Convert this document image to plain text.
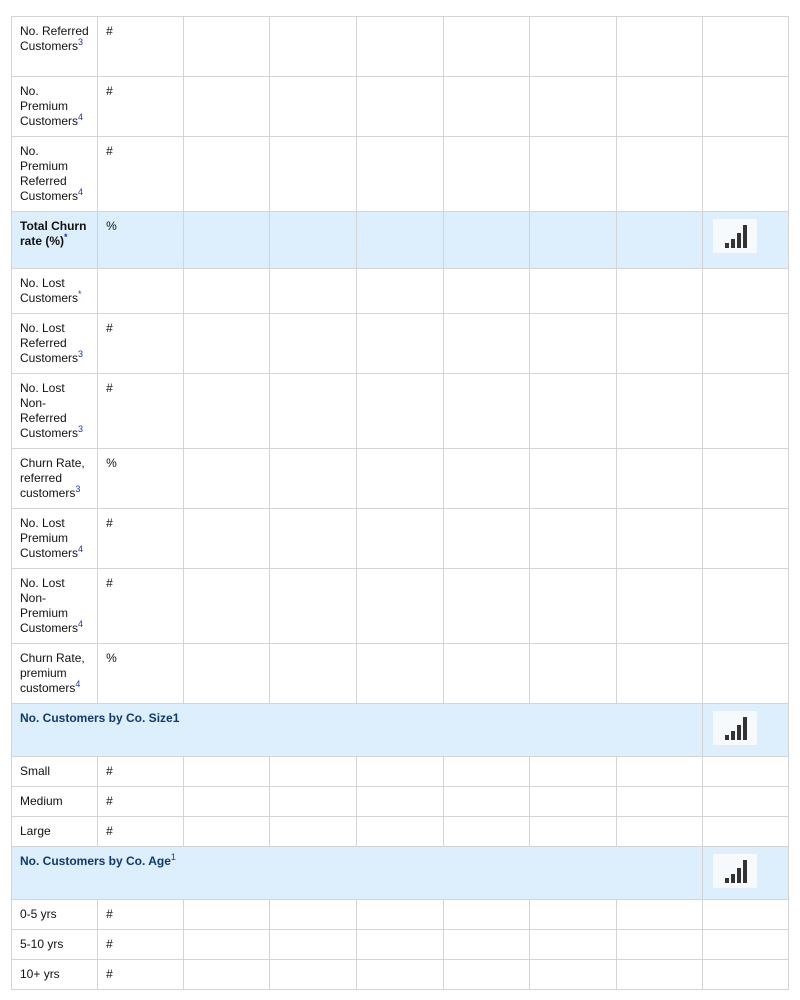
No. Referred Customers$^3$	#							
No. Premium Customers$^4$	#							
No. Premium Referred Customers$^4$	#							
Total Churn rate (%)*	%							

No. Lost Customers*								
No. Lost Referred Customers$^3$	#							
No. Lost Non-Referred Customers$^3$	#							
Churn Rate, referred customers$^3$	%							
No. Lost Premium Customers$^4$	#							
No. Lost Non-Premium Customers$^4$	#							
Churn Rate, premium customers$^4$	%							
No. Customers by Co. Size1								

Small	#							
Medium	#							
Large	#							
No. Customers by Co. Age$^1$	

0-5 yrs	#							
5-10 yrs	#							
10+ yrs	#							
